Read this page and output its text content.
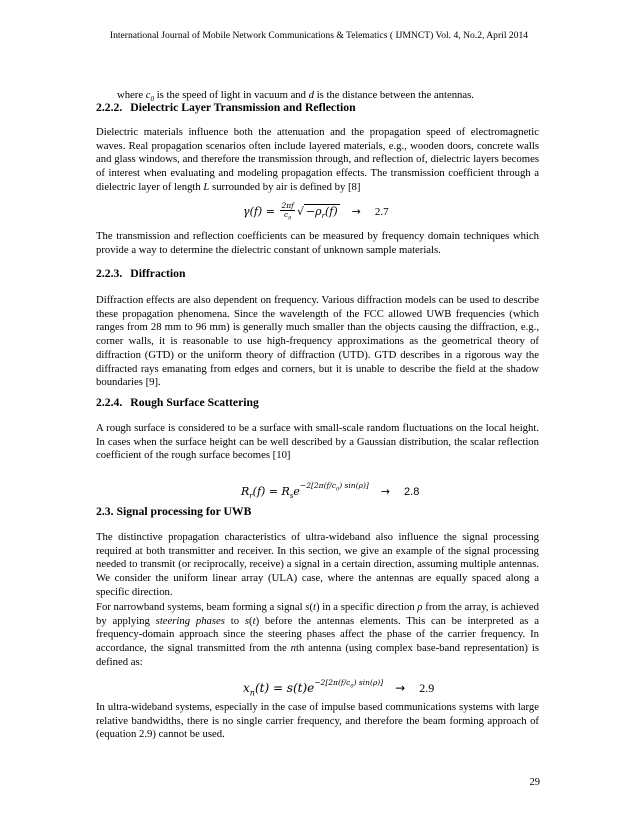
International Journal of Mobile Network Communications & Telematics ( IJMNCT) Vol. 4, No.2, April 2014

where $c_0$ is the speed of light in vacuum and d is the distance between the antennas.

2.2.2. Dielectric Layer Transmission and Reflection

Dielectric materials influence both the attenuation and the propagation speed of electromagnetic waves. Real propagation scenarios often include layered materials, e.g., wooden doors, concrete walls and glass windows, and therefore the transmission through, and reflection of, dielectric layers becomes of interest when evaluating and modeling propagation effects. The transmission coefficient through a dielectric layer of length L surrounded by air is defined by [8]

$\gamma(f) = \frac{2\pi f}{c_0}$ √ $-\rho_r(f) \to 2.7$

The transmission and reflection coefficients can be measured by frequency domain techniques which provide a way to determine the dielectric constant of unknown sample materials.

2.2.3. Diffraction

Diffraction effects are also dependent on frequency. Various diffraction models can be used to describe these propagation phenomena. Since the wavelength of the FCC allowed UWB frequencies (which ranges from 28 mm to 96 mm) is generally much smaller than the objects causing the diffraction, e.g., corner walls, it is reasonable to use high-frequency approximations as the geometrical theory of diffraction (GTD) or the uniform theory of diffraction (UTD). GTD describes in a rigorous way the diffracted rays emanating from edges and corners, but it is unable to describe the field at the shadow boundaries [9].

2.2.4. Rough Surface Scattering

A rough surface is considered to be a surface with small-scale random fluctuations on the local height. In cases when the surface height can be well described by a Gaussian distribution, the scalar reflection coefficient of the rough surface becomes [10]

$R_r(f) = R_se^{-2[2\pi(f/c_0) sin(\rho)]} \to 2.8$
2.3. Signal processing for UWB

The distinctive propagation characteristics of ultra-wideband also influence the signal processing required at both transmitter and receiver. In this section, we give an example of the signal processing needed to transmit (or reciprocally, receive) a signal in a certain direction, assuming multiple antennas. We consider the uniform linear array (ULA) case, where the antennas are equally spaced along a specific direction.

For narrowband systems, beam forming a signal s(t) in a specific direction ρ from the array, is achieved by applying steering phases to s(t) before the antennas elements. This can be interpreted as a frequency-domain approach since the steering phases affect the phase of the carrier frequency. In accordance, the signal transmitted from the nth antenna (using complex base-band representation) is defined as:

$x_n(t) = s(t)e^{-2[2\pi(f/c_0) sin(\rho)]} \to 2.9$

In ultra-wideband systems, especially in the case of impulse based communications systems with large relative bandwidths, there is no single carrier frequency, and therefore the beam forming approach of (equation 2.9) cannot be used.

29
